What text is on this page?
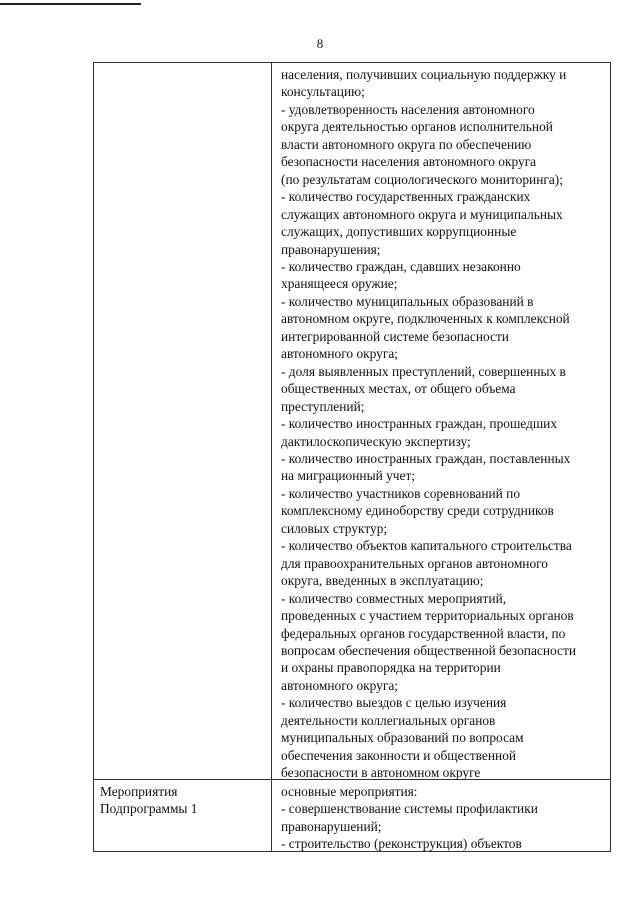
8
населения, получивших социальную поддержку и
консультацию;
- удовлетворенность населения автономного
округа деятельностью органов исполнительной
власти автономного округа по обеспечению
безопасности населения автономного округа
(по результатам социологического мониторинга);
- количество государственных гражданских
служащих автономного округа и муниципальных
служащих, допустивших коррупционные
правонарушения;
- количество граждан, сдавших незаконно
хранящееся оружие;
- количество муниципальных образований в
автономном округе, подключенных к комплексной
интегрированной системе безопасности
автономного округа;
- доля выявленных преступлений, совершенных в
общественных местах, от общего объема
преступлений;
- количество иностранных граждан, прошедших
дактилоскопическую экспертизу;
- количество иностранных граждан, поставленных
на миграционный учет;
- количество участников соревнований по
комплексному единоборству среди сотрудников
силовых структур;
- количество объектов капитального строительства
для правоохранительных органов автономного
округа, введенных в эксплуатацию;
- количество совместных мероприятий,
проведенных с участием территориальных органов
федеральных органов государственной власти, по
вопросам обеспечения общественной безопасности
и охраны правопорядка на территории
автономного округа;
- количество выездов с целью изучения
деятельности коллегиальных органов
муниципальных образований по вопросам
обеспечения законности и общественной
безопасности в автономном округе
Мероприятия
Подпрограммы 1
основные мероприятия:
- совершенствование системы профилактики
правонарушений;
- строительство (реконструкция) объектов
